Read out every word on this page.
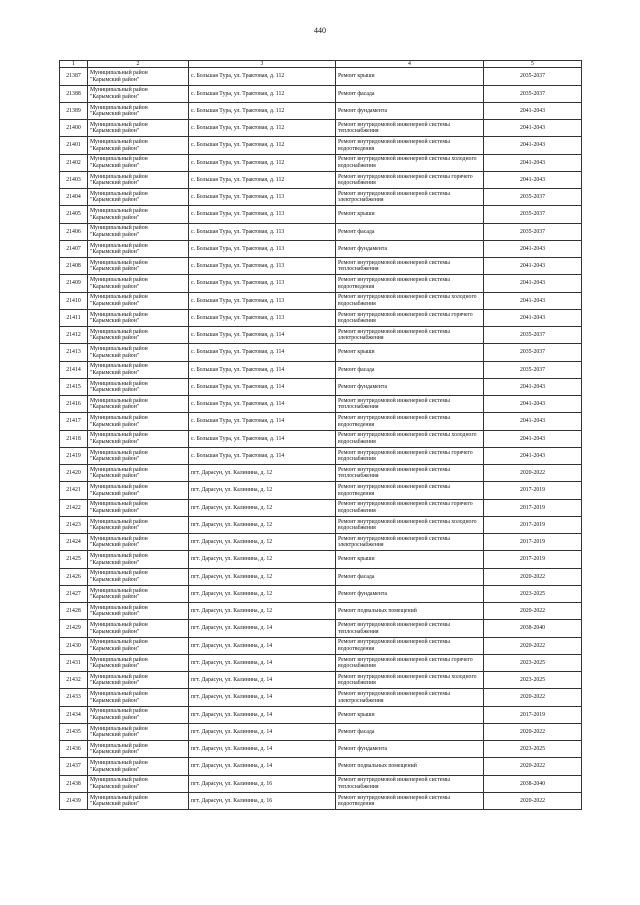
440
1	2	3	4	5
21387	Муниципальный район
"Карымский район"	с. Большая Тура, ул. Трактовая, д. 112	Ремонт крыши	2035-2037
21388	Муниципальный район
"Карымский район"	с. Большая Тура, ул. Трактовая, д. 112	Ремонт фасада	2035-2037
21389	Муниципальный район
"Карымский район"	с. Большая Тура, ул. Трактовая, д. 112	Ремонт фундамента	2041-2043
21400	Муниципальный район
"Карымский район"	с. Большая Тура, ул. Трактовая, д. 112	Ремонт внутридомовой инженерной системы теплоснабжения	2041-2043
21401	Муниципальный район
"Карымский район"	с. Большая Тура, ул. Трактовая, д. 112	Ремонт внутридомовой инженерной системы водоотведения	2041-2043
21402	Муниципальный район
"Карымский район"	с. Большая Тура, ул. Трактовая, д. 112	Ремонт внутридомовой инженерной системы холодного водоснабжения	2041-2043
21403	Муниципальный район
"Карымский район"	с. Большая Тура, ул. Трактовая, д. 112	Ремонт внутридомовой инженерной системы горячего водоснабжения	2041-2043
21404	Муниципальный район
"Карымский район"	с. Большая Тура, ул. Трактовая, д. 113	Ремонт внутридомовой инженерной системы электроснабжения	2035-2037
21405	Муниципальный район
"Карымский район"	с. Большая Тура, ул. Трактовая, д. 113	Ремонт крыши	2035-2037
21406	Муниципальный район
"Карымский район"	с. Большая Тура, ул. Трактовая, д. 113	Ремонт фасада	2035-2037
21407	Муниципальный район
"Карымский район"	с. Большая Тура, ул. Трактовая, д. 113	Ремонт фундамента	2041-2043
21408	Муниципальный район
"Карымский район"	с. Большая Тура, ул. Трактовая, д. 113	Ремонт внутридомовой инженерной системы теплоснабжения	2041-2043
21409	Муниципальный район
"Карымский район"	с. Большая Тура, ул. Трактовая, д. 113	Ремонт внутридомовой инженерной системы водоотведения	2041-2043
21410	Муниципальный район
"Карымский район"	с. Большая Тура, ул. Трактовая, д. 113	Ремонт внутридомовой инженерной системы холодного водоснабжения	2041-2043
21411	Муниципальный район
"Карымский район"	с. Большая Тура, ул. Трактовая, д. 113	Ремонт внутридомовой инженерной системы горячего водоснабжения	2041-2043
21412	Муниципальный район
"Карымский район"	с. Большая Тура, ул. Трактовая, д. 114	Ремонт внутридомовой инженерной системы электроснабжения	2035-2037
21413	Муниципальный район
"Карымский район"	с. Большая Тура, ул. Трактовая, д. 114	Ремонт крыши	2035-2037
21414	Муниципальный район
"Карымский район"	с. Большая Тура, ул. Трактовая, д. 114	Ремонт фасада	2035-2037
21415	Муниципальный район
"Карымский район"	с. Большая Тура, ул. Трактовая, д. 114	Ремонт фундамента	2041-2043
21416	Муниципальный район
"Карымский район"	с. Большая Тура, ул. Трактовая, д. 114	Ремонт внутридомовой инженерной системы теплоснабжения	2041-2043
21417	Муниципальный район
"Карымский район"	с. Большая Тура, ул. Трактовая, д. 114	Ремонт внутридомовой инженерной системы водоотведения	2041-2043
21418	Муниципальный район
"Карымский район"	с. Большая Тура, ул. Трактовая, д. 114	Ремонт внутридомовой инженерной системы холодного водоснабжения	2041-2043
21419	Муниципальный район
"Карымский район"	с. Большая Тура, ул. Трактовая, д. 114	Ремонт внутридомовой инженерной системы горячего водоснабжения	2041-2043
21420	Муниципальный район
"Карымский район"	пгт. Дарасун, ул. Калинина, д. 12	Ремонт внутридомовой инженерной системы теплоснабжения	2020-2022
21421	Муниципальный район
"Карымский район"	пгт. Дарасун, ул. Калинина, д. 12	Ремонт внутридомовой инженерной системы водоотведения	2017-2019
21422	Муниципальный район
"Карымский район"	пгт. Дарасун, ул. Калинина, д. 12	Ремонт внутридомовой инженерной системы горячего водоснабжения	2017-2019
21423	Муниципальный район
"Карымский район"	пгт. Дарасун, ул. Калинина, д. 12	Ремонт внутридомовой инженерной системы холодного водоснабжения	2017-2019
21424	Муниципальный район
"Карымский район"	пгт. Дарасун, ул. Калинина, д. 12	Ремонт внутридомовой инженерной системы электроснабжения	2017-2019
21425	Муниципальный район
"Карымский район"	пгт. Дарасун, ул. Калинина, д. 12	Ремонт крыши	2017-2019
21426	Муниципальный район
"Карымский район"	пгт. Дарасун, ул. Калинина, д. 12	Ремонт фасада	2020-2022
21427	Муниципальный район
"Карымский район"	пгт. Дарасун, ул. Калинина, д. 12	Ремонт фундамента	2023-2025
21428	Муниципальный район
"Карымский район"	пгт. Дарасун, ул. Калинина, д. 12	Ремонт подвальных помещений	2020-2022
21429	Муниципальный район
"Карымский район"	пгт. Дарасун, ул. Калинина, д. 14	Ремонт внутридомовой инженерной системы теплоснабжения	2038-2040
21430	Муниципальный район
"Карымский район"	пгт. Дарасун, ул. Калинина, д. 14	Ремонт внутридомовой инженерной системы водоотведения	2020-2022
21431	Муниципальный район
"Карымский район"	пгт. Дарасун, ул. Калинина, д. 14	Ремонт внутридомовой инженерной системы горячего водоснабжения	2023-2025
21432	Муниципальный район
"Карымский район"	пгт. Дарасун, ул. Калинина, д. 14	Ремонт внутридомовой инженерной системы холодного водоснабжения	2023-2025
21433	Муниципальный район
"Карымский район"	пгт. Дарасун, ул. Калинина, д. 14	Ремонт внутридомовой инженерной системы электроснабжения	2020-2022
21434	Муниципальный район
"Карымский район"	пгт. Дарасун, ул. Калинина, д. 14	Ремонт крыши	2017-2019
21435	Муниципальный район
"Карымский район"	пгт. Дарасун, ул. Калинина, д. 14	Ремонт фасада	2020-2022
21436	Муниципальный район
"Карымский район"	пгт. Дарасун, ул. Калинина, д. 14	Ремонт фундамента	2023-2025
21437	Муниципальный район
"Карымский район"	пгт. Дарасун, ул. Калинина, д. 14	Ремонт подвальных помещений	2020-2022
21438	Муниципальный район
"Карымский район"	пгт. Дарасун, ул. Калинина, д. 16	Ремонт внутридомовой инженерной системы теплоснабжения	2038-2040
21439	Муниципальный район
"Карымский район"	пгт. Дарасун, ул. Калинина, д. 16	Ремонт внутридомовой инженерной системы водоотведения	2020-2022
